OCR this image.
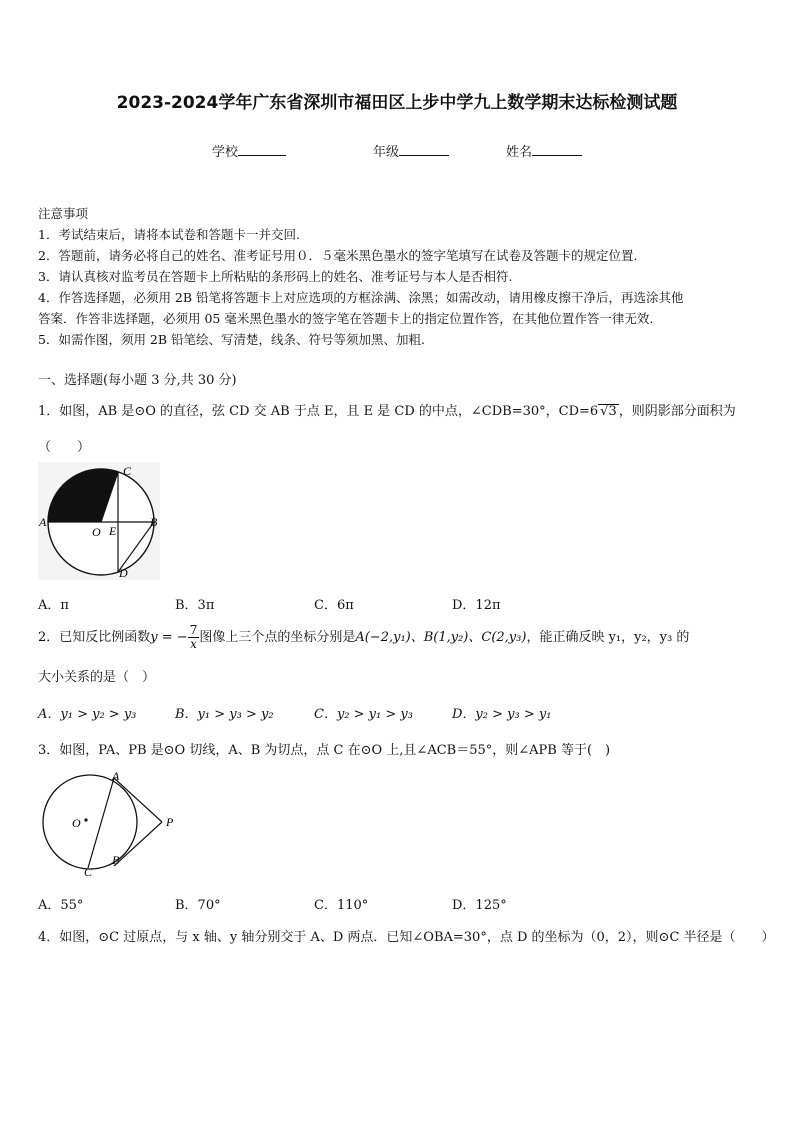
2023-2024学年广东省深圳市福田区上步中学九上数学期末达标检测试题
学校	年级	姓名
注意事项
1．考试结束后，请将本试卷和答题卡一并交回.
2．答题前，请务必将自己的姓名、准考证号用０．５毫米黑色墨水的签字笔填写在试卷及答题卡的规定位置.
3．请认真核对监考员在答题卡上所粘贴的条形码上的姓名、准考证号与本人是否相符.
4．作答选择题，必须用 2B 铅笔将答题卡上对应选项的方框涂满、涂黑；如需改动，请用橡皮擦干净后，再选涂其他
答案．作答非选择题，必须用 05 毫米黑色墨水的签字笔在答题卡上的指定位置作答，在其他位置作答一律无效.
5．如需作图，须用 2B 铅笔绘、写清楚，线条、符号等须加黑、加粗.
一、选择题(每小题 3 分,共 30 分)
1．如图，AB 是⊙O 的直径，弦 CD 交 AB 于点 E，且 E 是 CD 的中点，∠CDB=30°，CD=6 √3 ，则阴影部分面积为
（　　）
A	B
C
D
O E
A．π	B．3π	C．6π	D．12π
2．已知反比例函数y = − $\frac{7}{x}$ 图像上三个点的坐标分别是A(−2,y₁)、B(1,y₂)、C(2,y₃)，能正确反映 y₁，y₂，y₃ 的
大小关系的是（　）
A．y₁ > y₂ > y₃	B．y₁ > y₃ > y₂	C．y₂ > y₁ > y₃	D．y₂ > y₃ > y₁
3．如图，PA、PB 是⊙O 切线，A、B 为切点，点 C 在⊙O 上,且∠ACB＝55°，则∠APB 等于(　)
A
B
C
O	P
A．55°	B．70°	C．110°	D．125°
4．如图，⊙C 过原点，与 x 轴、y 轴分别交于 A、D 两点．已知∠OBA=30°，点 D 的坐标为（0，2），则⊙C 半径是（　　）
